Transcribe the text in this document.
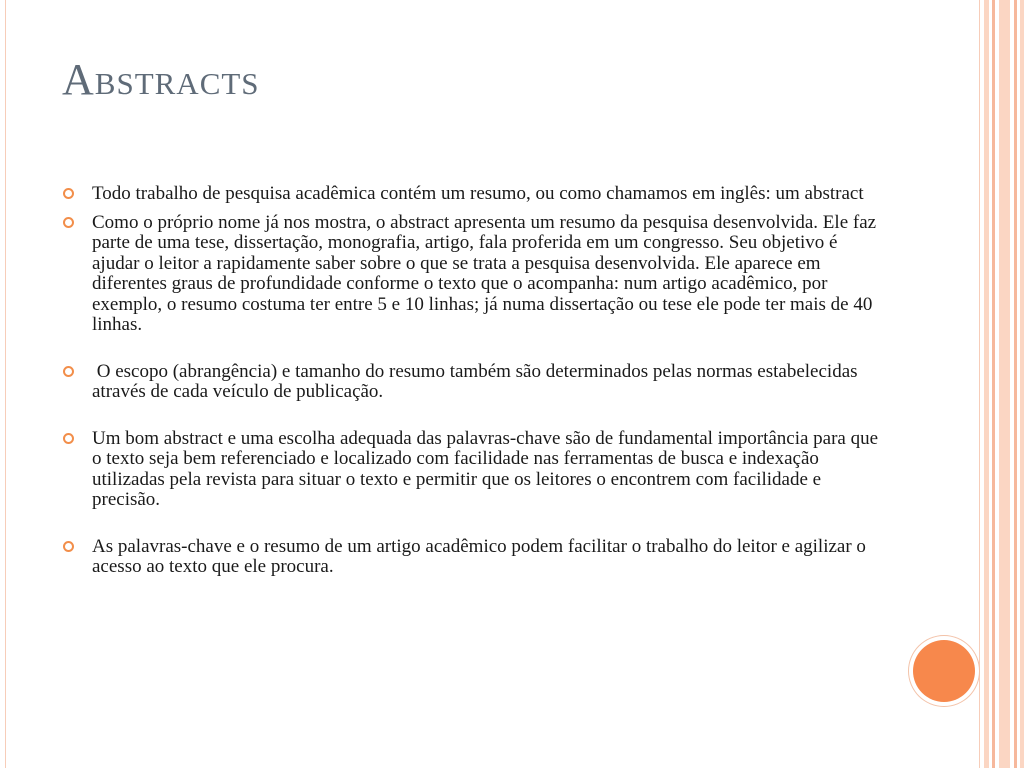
Abstracts
Todo trabalho de pesquisa acadêmica contém um resumo, ou como chamamos em inglês: um abstract
Como o próprio nome já nos mostra, o abstract apresenta um resumo da pesquisa desenvolvida. Ele faz parte de uma tese, dissertação, monografia, artigo, fala proferida em um congresso. Seu objetivo é ajudar o leitor a rapidamente saber sobre o que se trata a pesquisa desenvolvida. Ele aparece em diferentes graus de profundidade conforme o texto que o acompanha: num artigo acadêmico, por exemplo, o resumo costuma ter entre 5 e 10 linhas; já numa dissertação ou tese ele pode ter mais de 40 linhas.
O escopo (abrangência) e tamanho do resumo também são determinados pelas normas estabelecidas através de cada veículo de publicação.
Um bom abstract e uma escolha adequada das palavras-chave são de fundamental importância para que o texto seja bem referenciado e localizado com facilidade nas ferramentas de busca e indexação utilizadas pela revista para situar o texto e permitir que os leitores o encontrem com facilidade e precisão.
As palavras-chave e o resumo de um artigo acadêmico podem facilitar o trabalho do leitor e agilizar o acesso ao texto que ele procura.
